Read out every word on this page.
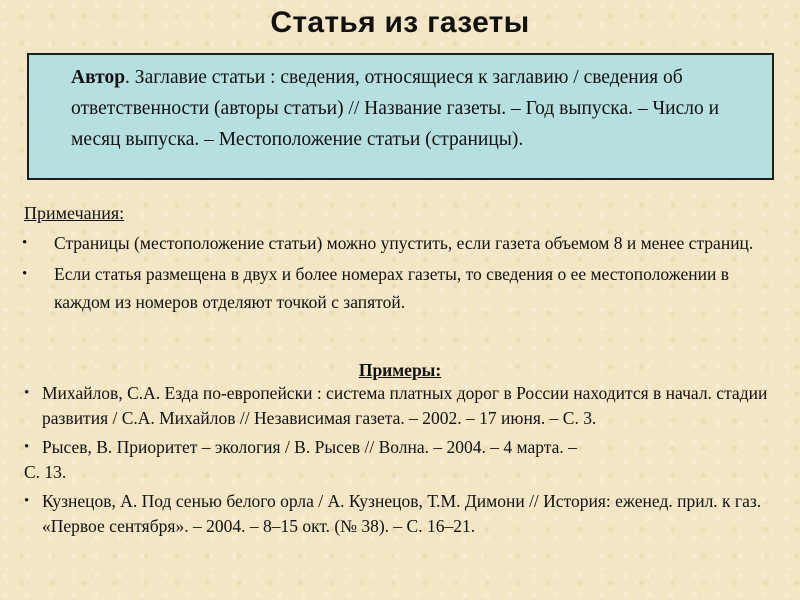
Статья из газеты
Автор. Заглавие статьи : сведения, относящиеся к заглавию / сведения об ответственности (авторы статьи) // Название газеты. – Год выпуска. – Число и месяц выпуска. – Местоположение статьи (страницы).
Примечания:
• Страницы (местоположение статьи) можно упустить, если газета объемом 8 и менее страниц.
• Если статья размещена в двух и более номерах газеты, то сведения о ее местоположении в каждом из номеров отделяют точкой с запятой.
Примеры:
• Михайлов, С.А. Езда по-европейски : система платных дорог в России находится в начал. стадии развития / С.А. Михайлов // Независимая газета. – 2002. – 17 июня. – С. 3.
• Рысев, В. Приоритет – экология / В. Рысев // Волна. – 2004. – 4 марта. –
С. 13.
• Кузнецов, А. Под сенью белого орла / А. Кузнецов, Т.М. Димони // История: еженед. прил. к газ. «Первое сентября». – 2004. – 8–15 окт. (№ 38). – С. 16–21.
